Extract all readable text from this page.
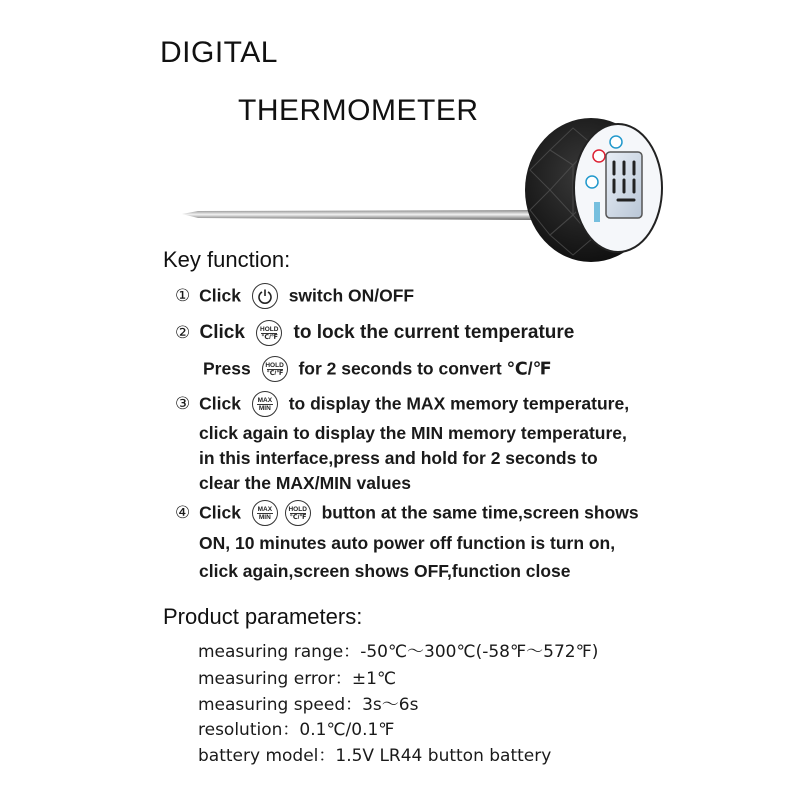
DIGITAL
THERMOMETER
Key function:
① Click	switch ON/OFF
② Click	HOLD
℃/℉ to lock the current temperature
Press	HOLD
℃/℉ for 2 seconds to convert ℃/℉
③ Click	MAX
MIN to display the MAX memory temperature,
click again to display the MIN memory temperature,
in this interface,press and hold for 2 seconds to
clear the MAX/MIN values
④ Click	MAX
MIN

HOLD
℃/℉ button at the same time,screen shows
ON, 10 minutes auto power off function is turn on,
click again,screen shows OFF,function close
Product parameters:
measuring range：-50℃～300℃(-58℉～572℉)
measuring error：±1℃
measuring speed：3s～6s
resolution：0.1℃/0.1℉
battery model：1.5V LR44 button battery
